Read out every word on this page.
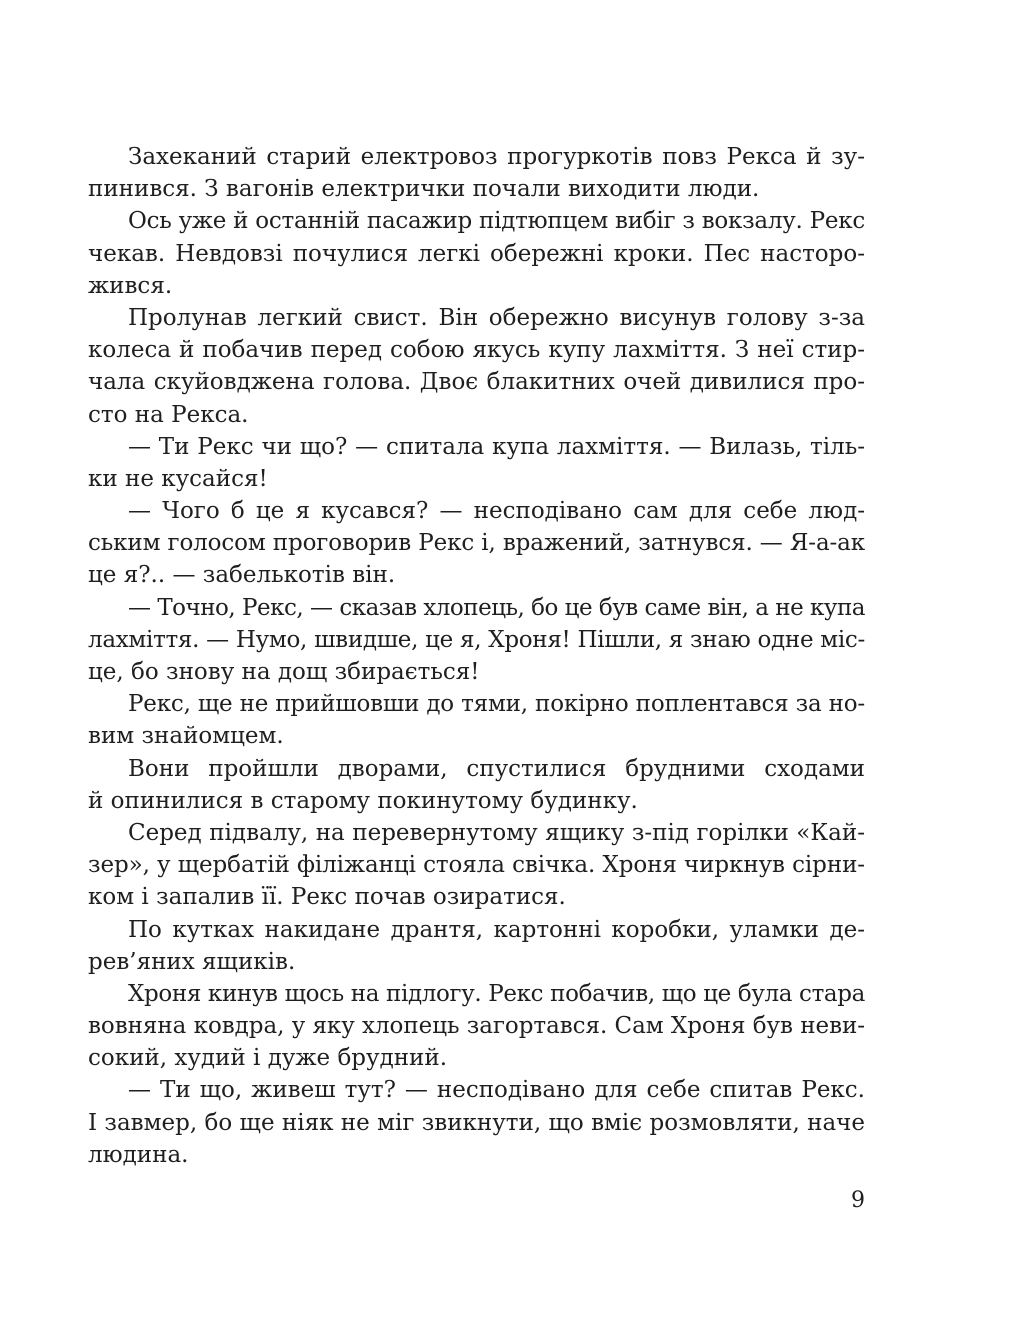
Захеканий старий електровоз прогуркотів повз Рекса й зу-
пинився. З вагонів електрички почали виходити люди.
Ось уже й останній пасажир підтюпцем вибіг з вокзалу. Рекс
чекав. Невдовзі почулися легкі обережні кроки. Пес насторо-
жився.
Пролунав легкий свист. Він обережно висунув голову з-за
колеса й побачив перед собою якусь купу лахміття. З неї стир-
чала скуйовджена голова. Двоє блакитних очей дивилися про-
сто на Рекса.
— Ти Рекс чи що? — спитала купа лахміття. — Вилазь, тіль-
ки не кусайся!
— Чого б це я кусався? — несподівано сам для себе люд-
ським голосом проговорив Рекс і, вражений, затнувся. — Я-а-ак
це я?.. — забелькотів він.
— Точно, Рекс, — сказав хлопець, бо це був саме він, а не купа
лахміття. — Нумо, швидше, це я, Хроня! Пішли, я знаю одне міс-
це, бо знову на дощ збирається!
Рекс, ще не прийшовши до тями, покірно поплентався за но-
вим знайомцем.
Вони пройшли дворами, спустилися брудними сходами
й опинилися в старому покинутому будинку.
Серед підвалу, на перевернутому ящику з-під горілки «Кай-
зер», у щербатій філіжанці стояла свічка. Хроня чиркнув сірни-
ком і запалив її. Рекс почав озиратися.
По кутках накидане дрантя, картонні коробки, уламки де-
рев’яних ящиків.
Хроня кинув щось на підлогу. Рекс побачив, що це була стара
вовняна ковдра, у яку хлопець загортався. Сам Хроня був неви-
сокий, худий і дуже брудний.
— Ти що, живеш тут? — несподівано для себе спитав Рекс.
І завмер, бо ще ніяк не міг звикнути, що вміє розмовляти, наче
людина.
9
